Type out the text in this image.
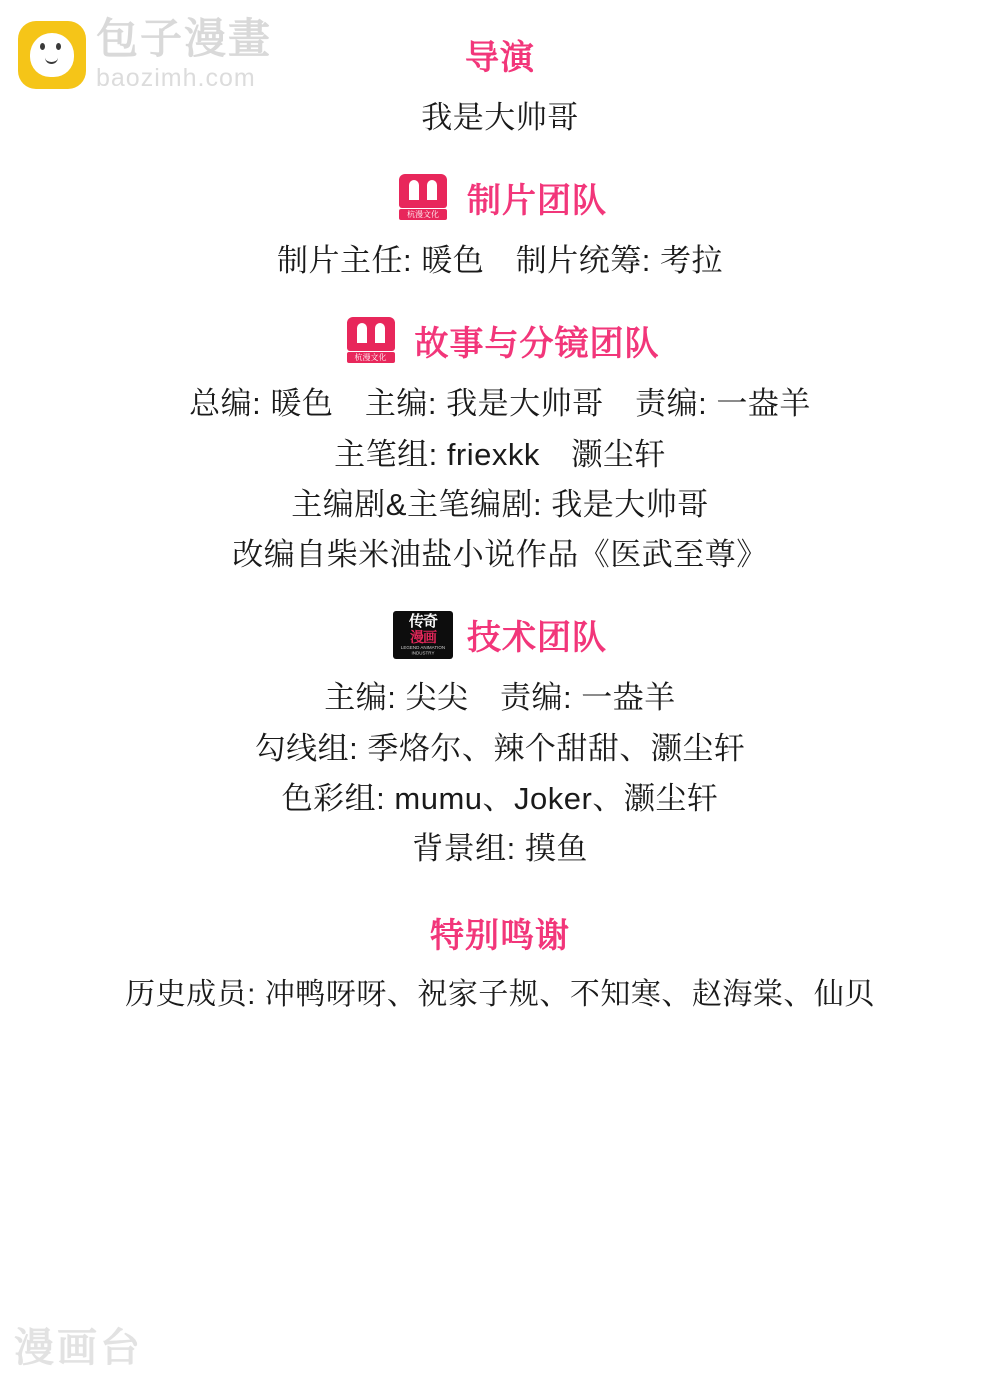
包子漫畫
baozimh.com
导演
我是大帅哥
杭漫文化 制片团队
制片主任: 暖色　制片统筹: 考拉
杭漫文化 故事与分镜团队
总编: 暖色　主编: 我是大帅哥　责编: 一盎羊
主笔组: friexkk　灏尘轩
主编剧&主笔编剧: 我是大帅哥
改编自柴米油盐小说作品《医武至尊》
传奇
漫画
LEGEND ANIMATION INDUSTRY 技术团队
主编: 尖尖　责编: 一盎羊
勾线组: 季烙尔、辣个甜甜、灏尘轩
色彩组: mumu、Joker、灏尘轩
背景组: 摸鱼
特别鸣谢
历史成员: 冲鸭呀呀、祝家子规、不知寒、赵海棠、仙贝
漫画台
